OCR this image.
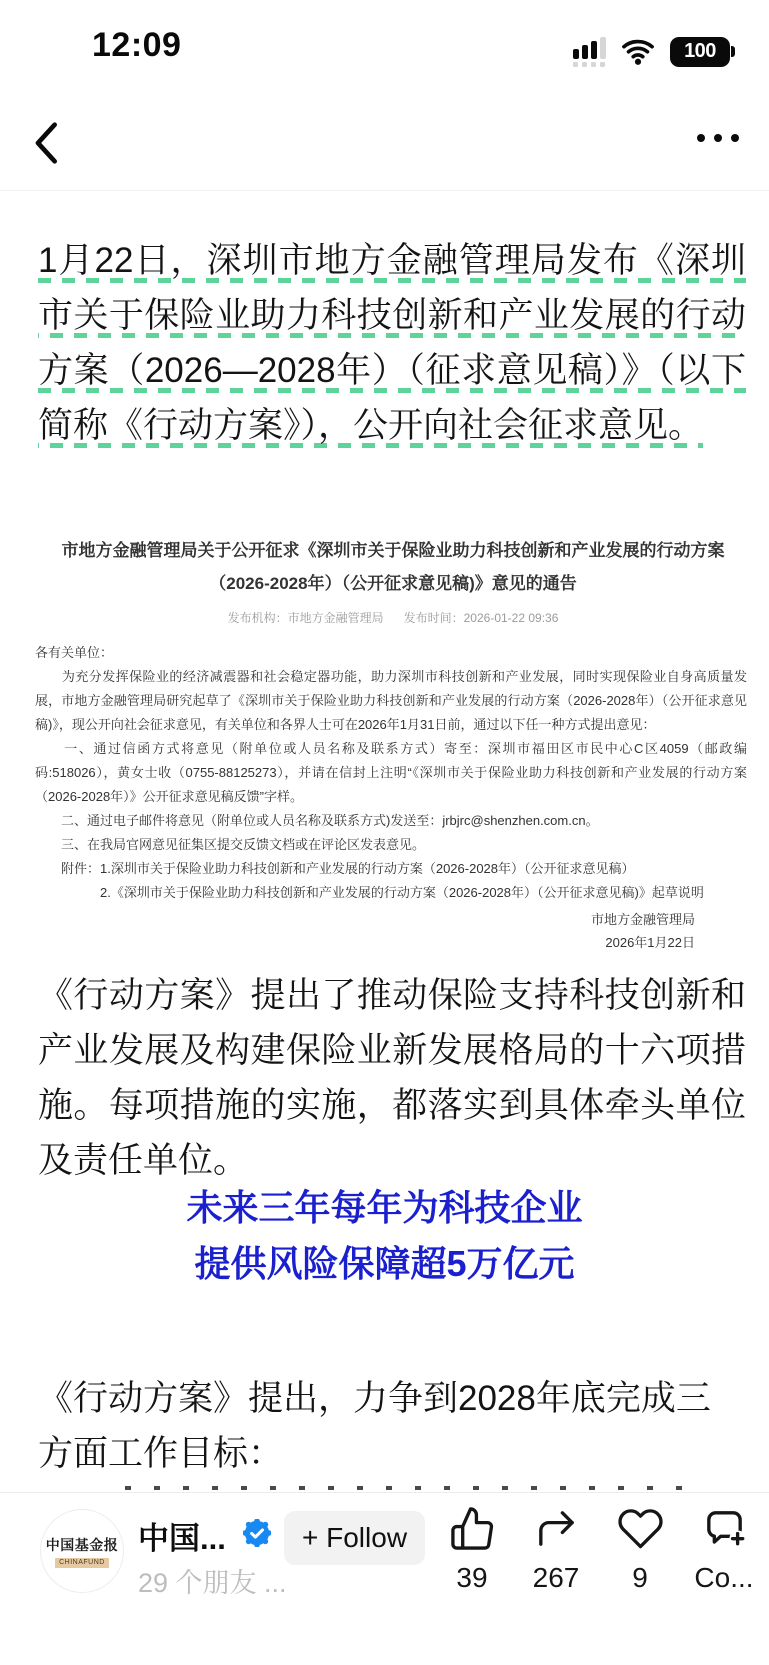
12:09	100

1月22日，深圳市地方金融管理局发布《深圳市关于保险业助力科技创新和产业发展的行动方案（2026—2028年）（征求意见稿）》（以下简称《行动方案》），公开向社会征求意见。

市地方金融管理局关于公开征求《深圳市关于保险业助力科技创新和产业发展的行动方案（2026-2028年）（公开征求意见稿)》意见的通告
发布机构：市地方金融管理局 发布时间：2026-01-22 09:36

各有关单位：

　　为充分发挥保险业的经济减震器和社会稳定器功能，助力深圳市科技创新和产业发展，同时实现保险业自身高质量发展，市地方金融管理局研究起草了《深圳市关于保险业助力科技创新和产业发展的行动方案（2026-2028年）（公开征求意见稿)》，现公开向社会征求意见，有关单位和各界人士可在2026年1月31日前，通过以下任一种方式提出意见：

　　一、通过信函方式将意见（附单位或人员名称及联系方式）寄至：深圳市福田区市民中心C区4059（邮政编码:518026），黄女士收（0755-88125273），并请在信封上注明“《深圳市关于保险业助力科技创新和产业发展的行动方案（2026-2028年）》公开征求意见稿反馈”字样。

　　二、通过电子邮件将意见（附单位或人员名称及联系方式)发送至：jrbjrc@shenzhen.com.cn。

　　三、在我局官网意见征集区提交反馈文档或在评论区发表意见。

　　附件：1.深圳市关于保险业助力科技创新和产业发展的行动方案（2026-2028年）（公开征求意见稿）

　　　　　2.《深圳市关于保险业助力科技创新和产业发展的行动方案（2026-2028年）（公开征求意见稿)》起草说明

市地方金融管理局
2026年1月22日

《行动方案》提出了推动保险支持科技创新和产业发展及构建保险业新发展格局的十六项措施。每项措施的实施，都落实到具体牵头单位及责任单位。

未来三年每年为科技企业
提供风险保障超5万亿元

《行动方案》提出，力争到2028年底完成三
方面工作目标：

中国基金报
CHINAFUND
中国...
29 个朋友 ...
+ Follow
39 267 9 Co...
